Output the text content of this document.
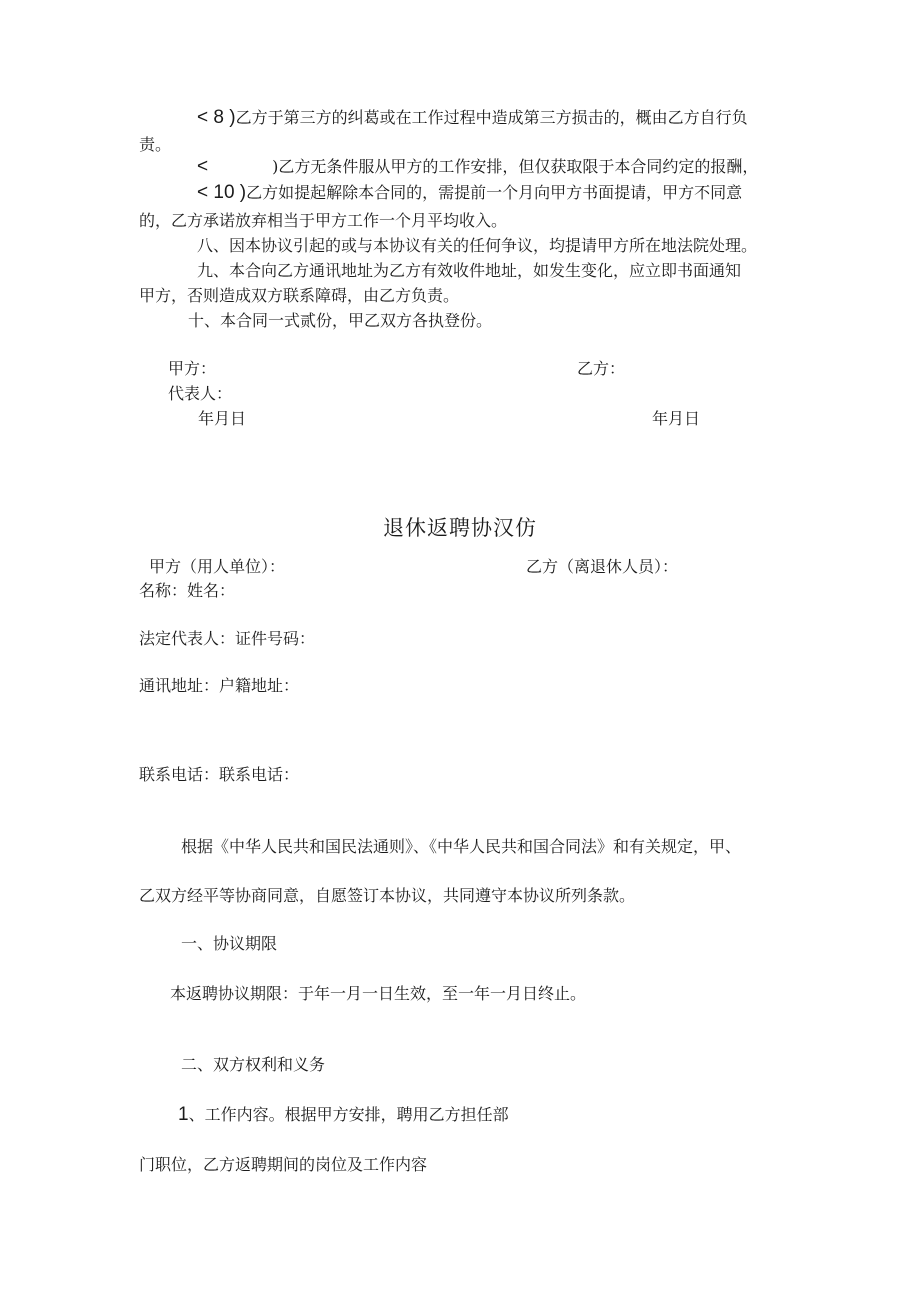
< 8 )乙方于第三方的纠葛或在工作过程中造成第三方损击的，概由乙方自行负
责。
<	)乙方无条件服从甲方的工作安排，但仅获取限于本合同约定的报酬，
< 10 )乙方如提起解除本合同的，需提前一个月向甲方书面提请，甲方不同意
的，乙方承诺放弃相当于甲方工作一个月平均收入。
八、因本协议引起的或与本协议有关的任何争议，均提请甲方所在地法院处理。
九、本合向乙方通讯地址为乙方有效收件地址，如发生变化，应立即书面通知
甲方，否则造成双方联系障碍，由乙方负责。
十、本合同一式贰份，甲乙双方各执登份。
甲方：	乙方：
代表人：
年月日	年月日
退休返聘协汉仿
甲方（用人单位）：	乙方（离退休人员）：
名称：姓名：
法定代表人：证件号码：
通讯地址：户籍地址：
联系电话：联系电话：
根据《中华人民共和国民法通则》、《中华人民共和国合同法》和有关规定，甲、
乙双方经平等协商同意，自愿签订本协议，共同遵守本协议所列条款。
一、协议期限
本返聘协议期限：于年一月一日生效，至一年一月日终止。
二、双方权利和义务
1、工作内容。根据甲方安排，聘用乙方担任部
门职位，乙方返聘期间的岗位及工作内容
